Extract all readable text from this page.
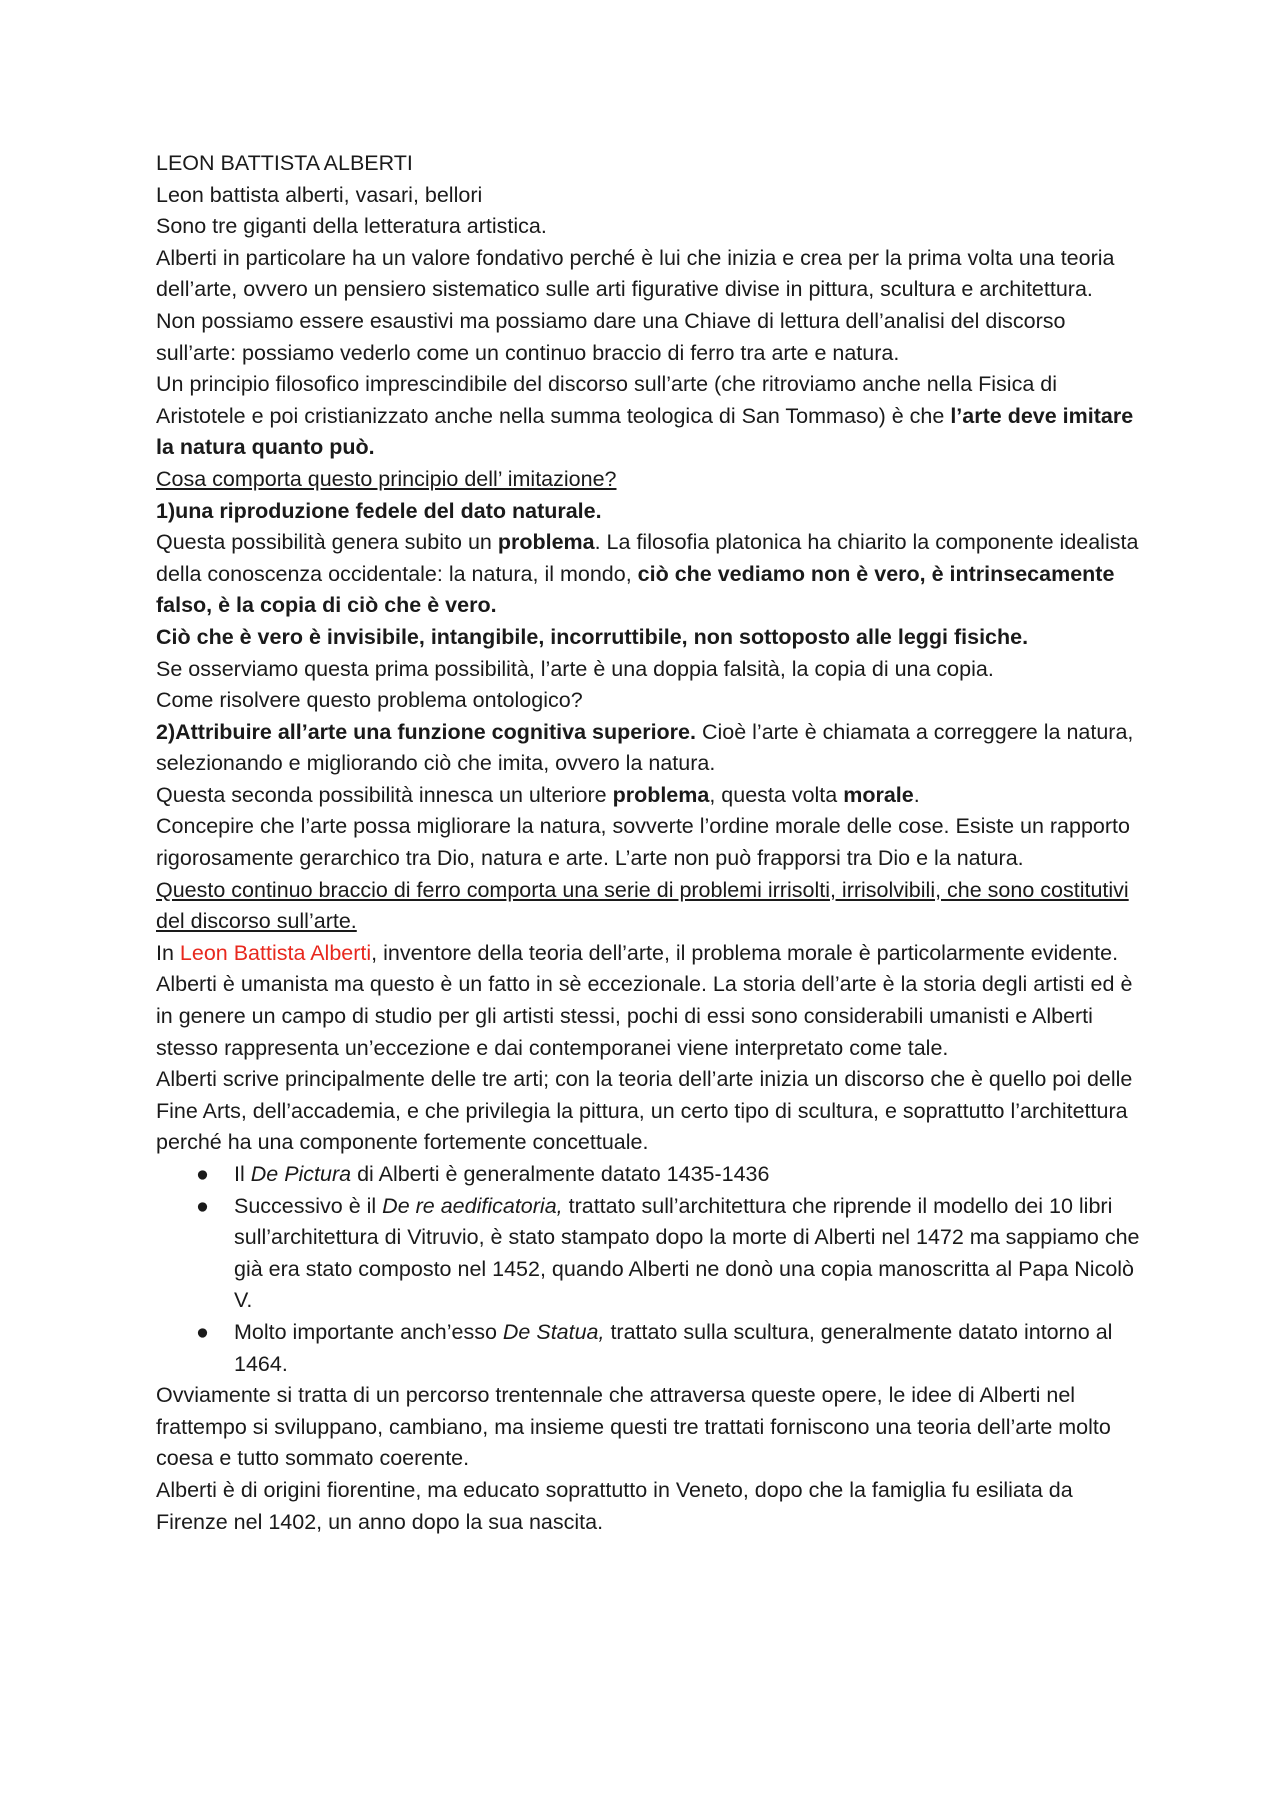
LEON BATTISTA ALBERTI

Leon battista alberti, vasari, bellori

Sono tre giganti della letteratura artistica.

Alberti in particolare ha un valore fondativo perché è lui che inizia e crea per la prima volta una teoria dell’arte, ovvero un pensiero sistematico sulle arti figurative divise in pittura, scultura e architettura.

Non possiamo essere esaustivi ma possiamo dare una Chiave di lettura dell’analisi del discorso sull’arte: possiamo vederlo come un continuo braccio di ferro tra arte e natura.

Un principio filosofico imprescindibile del discorso sull’arte (che ritroviamo anche nella Fisica di Aristotele e poi cristianizzato anche nella summa teologica di San Tommaso) è che l’arte deve imitare la natura quanto può.

Cosa comporta questo principio dell’ imitazione?

1)una riproduzione fedele del dato naturale.

Questa possibilità genera subito un problema. La filosofia platonica ha chiarito la componente idealista della conoscenza occidentale: la natura, il mondo, ciò che vediamo non è vero, è intrinsecamente falso, è la copia di ciò che è vero.

Ciò che è vero è invisibile, intangibile, incorruttibile, non sottoposto alle leggi fisiche.

Se osserviamo questa prima possibilità, l’arte è una doppia falsità, la copia di una copia.

Come risolvere questo problema ontologico?

2)Attribuire all’arte una funzione cognitiva superiore. Cioè l’arte è chiamata a correggere la natura, selezionando e migliorando ciò che imita, ovvero la natura.

Questa seconda possibilità innesca un ulteriore problema, questa volta morale.

Concepire che l’arte possa migliorare la natura, sovverte l’ordine morale delle cose. Esiste un rapporto rigorosamente gerarchico tra Dio, natura e arte. L’arte non può frapporsi tra Dio e la natura.

Questo continuo braccio di ferro comporta una serie di problemi irrisolti, irrisolvibili, che sono costitutivi del discorso sull’arte.

In Leon Battista Alberti, inventore della teoria dell’arte, il problema morale è particolarmente evidente.

Alberti è umanista ma questo è un fatto in sè eccezionale. La storia dell’arte è la storia degli artisti ed è in genere un campo di studio per gli artisti stessi, pochi di essi sono considerabili umanisti e Alberti stesso rappresenta un’eccezione e dai contemporanei viene interpretato come tale.

Alberti scrive principalmente delle tre arti; con la teoria dell’arte inizia un discorso che è quello poi delle Fine Arts, dell’accademia, e che privilegia la pittura, un certo tipo di scultura, e soprattutto l’architettura perché ha una componente fortemente concettuale.

● Il De Pictura di Alberti è generalmente datato 1435-1436
● Successivo è il De re aedificatoria, trattato sull’architettura che riprende il modello dei 10 libri sull’architettura di Vitruvio, è stato stampato dopo la morte di Alberti nel 1472 ma sappiamo che già era stato composto nel 1452, quando Alberti ne donò una copia manoscritta al Papa Nicolò V.
● Molto importante anch’esso De Statua, trattato sulla scultura, generalmente datato intorno al 1464.

Ovviamente si tratta di un percorso trentennale che attraversa queste opere, le idee di Alberti nel frattempo si sviluppano, cambiano, ma insieme questi tre trattati forniscono una teoria dell’arte molto coesa e tutto sommato coerente.

Alberti è di origini fiorentine, ma educato soprattutto in Veneto, dopo che la famiglia fu esiliata da Firenze nel 1402, un anno dopo la sua nascita.
